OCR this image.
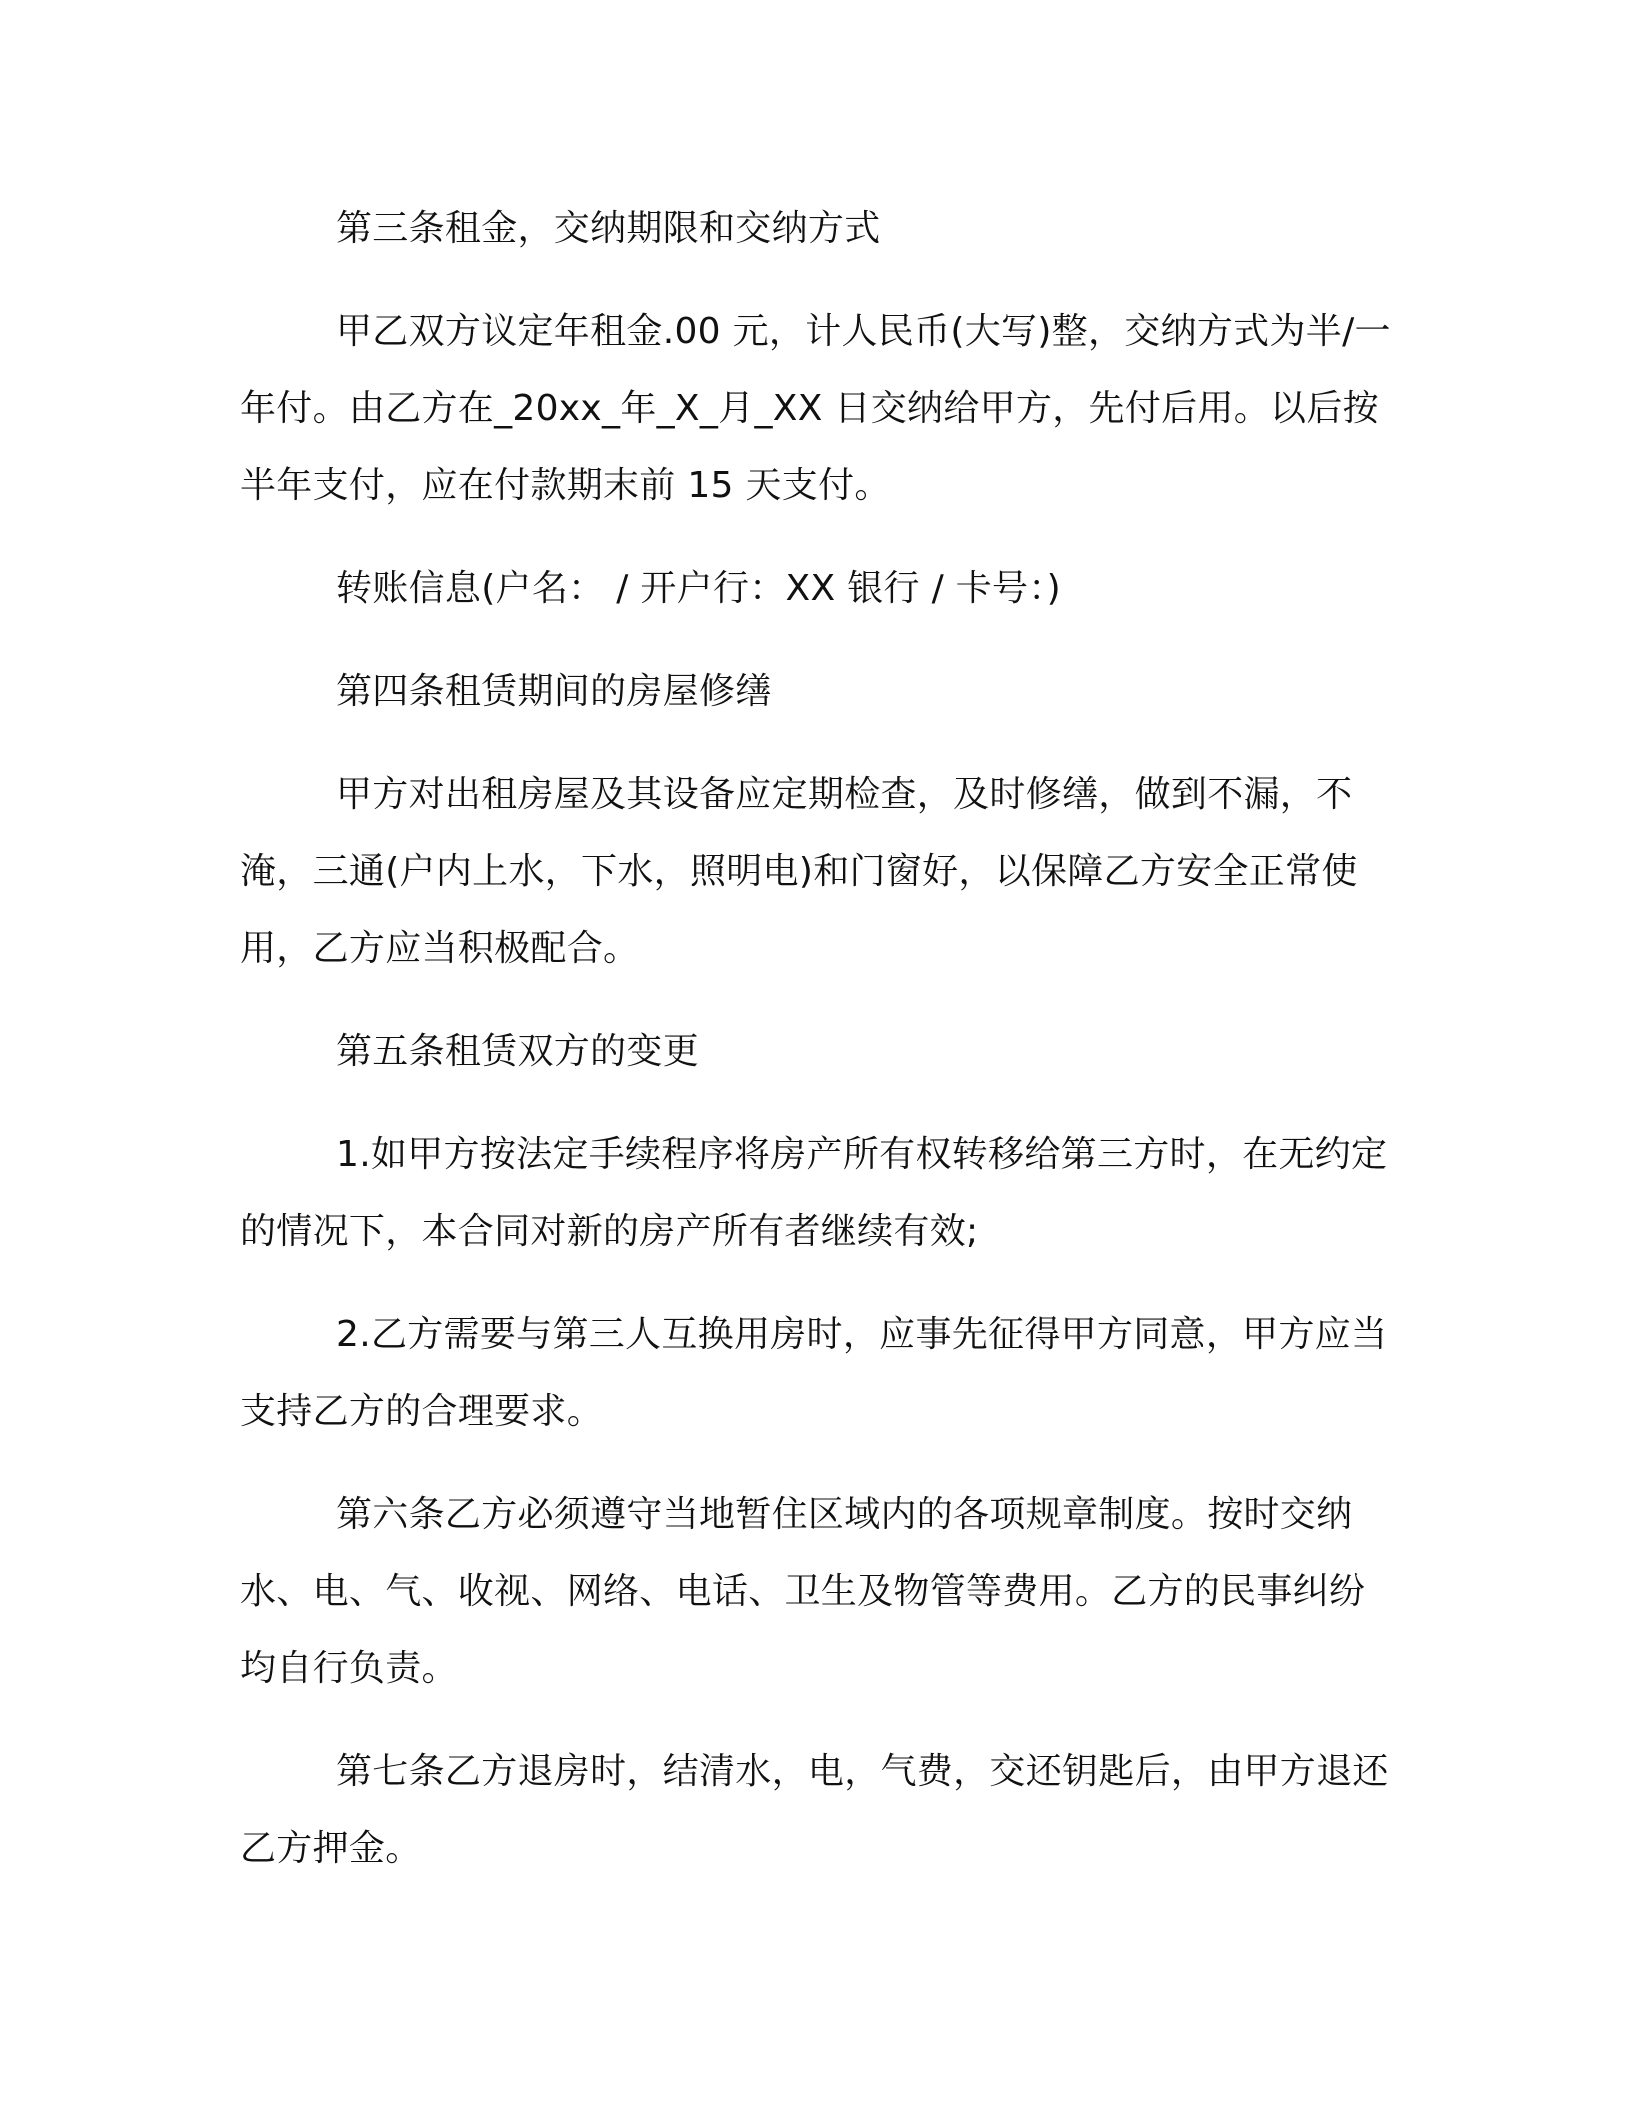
第三条租金，交纳期限和交纳方式

甲乙双方议定年租金.00 元，计人民币(大写)整，交纳方式为半/一年付。由乙方在_20xx_年_X_月_XX 日交纳给甲方，先付后用。以后按半年支付，应在付款期末前 15 天支付。

转账信息(户名： / 开户行：XX 银行 / 卡号：)

第四条租赁期间的房屋修缮

甲方对出租房屋及其设备应定期检查，及时修缮，做到不漏，不淹，三通(户内上水，下水，照明电)和门窗好，以保障乙方安全正常使用，乙方应当积极配合。

第五条租赁双方的变更

1.如甲方按法定手续程序将房产所有权转移给第三方时，在无约定的情况下，本合同对新的房产所有者继续有效;

2.乙方需要与第三人互换用房时，应事先征得甲方同意，甲方应当支持乙方的合理要求。

第六条乙方必须遵守当地暂住区域内的各项规章制度。按时交纳水、电、气、收视、网络、电话、卫生及物管等费用。乙方的民事纠纷均自行负责。

第七条乙方退房时，结清水，电，气费，交还钥匙后，由甲方退还乙方押金。
